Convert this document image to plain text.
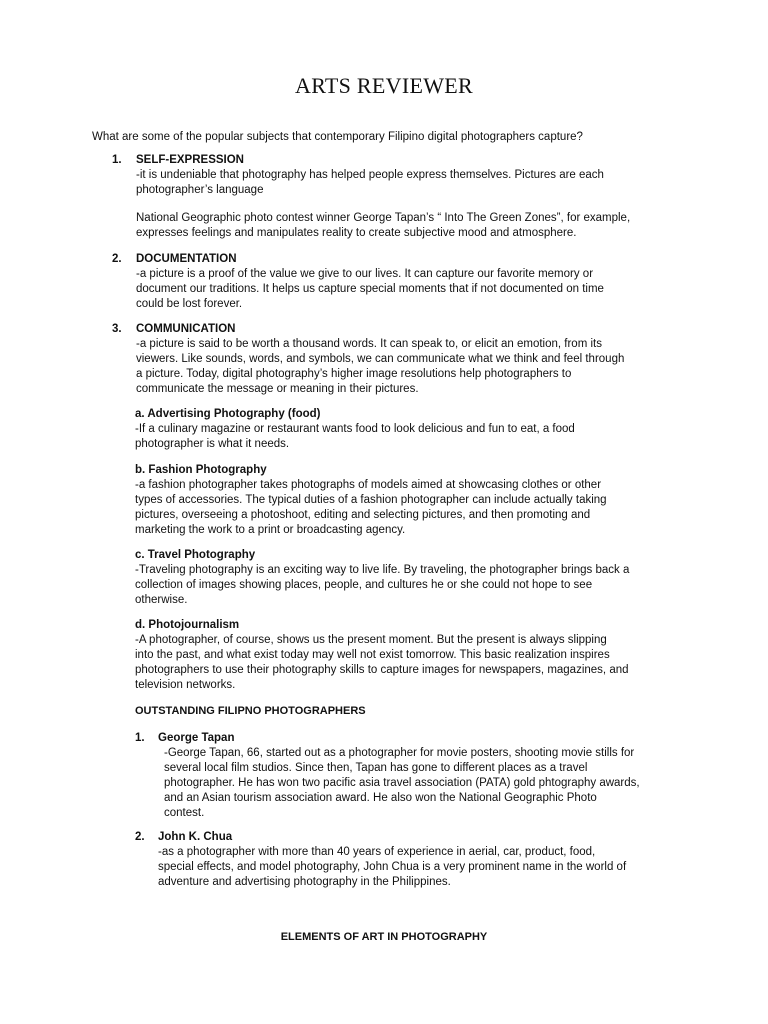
ARTS REVIEWER
What are some of the popular subjects that contemporary Filipino digital photographers capture?
1. SELF-EXPRESSION
-it is undeniable that photography has helped people express themselves. Pictures are each
photographer’s language
National Geographic photo contest winner George Tapan’s “ Into The Green Zones”, for example,
expresses feelings and manipulates reality to create subjective mood and atmosphere.
2. DOCUMENTATION
-a picture is a proof of the value we give to our lives. It can capture our favorite memory or
document our traditions. It helps us capture special moments that if not documented on time
could be lost forever.
3. COMMUNICATION
-a picture is said to be worth a thousand words. It can speak to, or elicit an emotion, from its
viewers. Like sounds, words, and symbols, we can communicate what we think and feel through
a picture. Today, digital photography’s higher image resolutions help photographers to
communicate the message or meaning in their pictures.
a. Advertising Photography (food)
-If a culinary magazine or restaurant wants food to look delicious and fun to eat, a food
photographer is what it needs.
b. Fashion Photography
-a fashion photographer takes photographs of models aimed at showcasing clothes or other
types of accessories. The typical duties of a fashion photographer can include actually taking
pictures, overseeing a photoshoot, editing and selecting pictures, and then promoting and
marketing the work to a print or broadcasting agency.
c. Travel Photography
-Traveling photography is an exciting way to live life. By traveling, the photographer brings back a
collection of images showing places, people, and cultures he or she could not hope to see
otherwise.
d. Photojournalism
-A photographer, of course, shows us the present moment. But the present is always slipping
into the past, and what exist today may well not exist tomorrow. This basic realization inspires
photographers to use their photography skills to capture images for newspapers, magazines, and
television networks.
OUTSTANDING FILIPNO PHOTOGRAPHERS
1. George Tapan
-George Tapan, 66, started out as a photographer for movie posters, shooting movie stills for
several local film studios. Since then, Tapan has gone to different places as a travel
photographer. He has won two pacific asia travel association (PATA) gold phtography awards,
and an Asian tourism association award. He also won the National Geographic Photo
contest.
2. John K. Chua
-as a photographer with more than 40 years of experience in aerial, car, product, food,
special effects, and model photography, John Chua is a very prominent name in the world of
adventure and advertising photography in the Philippines.
ELEMENTS OF ART IN PHOTOGRAPHY
